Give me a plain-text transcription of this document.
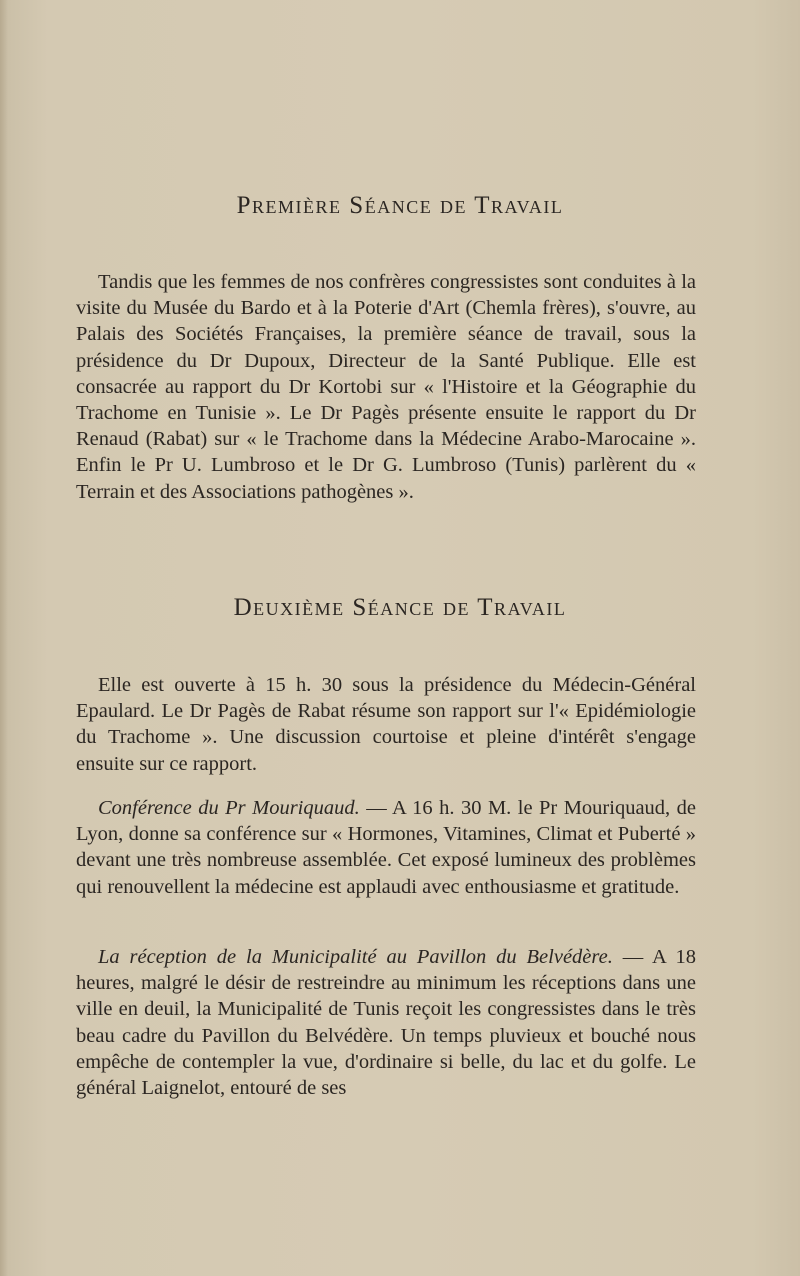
Première Séance de Travail

Tandis que les femmes de nos confrères congressistes sont conduites à la visite du Musée du Bardo et à la Poterie d'Art (Chemla frères), s'ouvre, au Palais des Sociétés Françaises, la première séance de travail, sous la présidence du Dr Dupoux, Directeur de la Santé Publique. Elle est consacrée au rapport du Dr Kortobi sur « l'Histoire et la Géographie du Trachome en Tunisie ». Le Dr Pagès présente ensuite le rapport du Dr Renaud (Rabat) sur « le Trachome dans la Médecine Arabo-Marocaine ». Enfin le Pr U. Lumbroso et le Dr G. Lumbroso (Tunis) parlèrent du « Terrain et des Associations pathogènes ».

Deuxième Séance de Travail

Elle est ouverte à 15 h. 30 sous la présidence du Médecin-Général Epaulard. Le Dr Pagès de Rabat résume son rapport sur l'« Epidémiologie du Trachome ». Une discussion courtoise et pleine d'intérêt s'engage ensuite sur ce rapport.

Conférence du Pr Mouriquaud. — A 16 h. 30 M. le Pr Mouriquaud, de Lyon, donne sa conférence sur « Hormones, Vitamines, Climat et Puberté » devant une très nombreuse assemblée. Cet exposé lumineux des problèmes qui renouvellent la médecine est applaudi avec enthousiasme et gratitude.

La réception de la Municipalité au Pavillon du Belvédère. — A 18 heures, malgré le désir de restreindre au minimum les réceptions dans une ville en deuil, la Municipalité de Tunis reçoit les congressistes dans le très beau cadre du Pavillon du Belvédère. Un temps pluvieux et bouché nous empêche de contempler la vue, d'ordinaire si belle, du lac et du golfe. Le général Laignelot, entouré de ses
